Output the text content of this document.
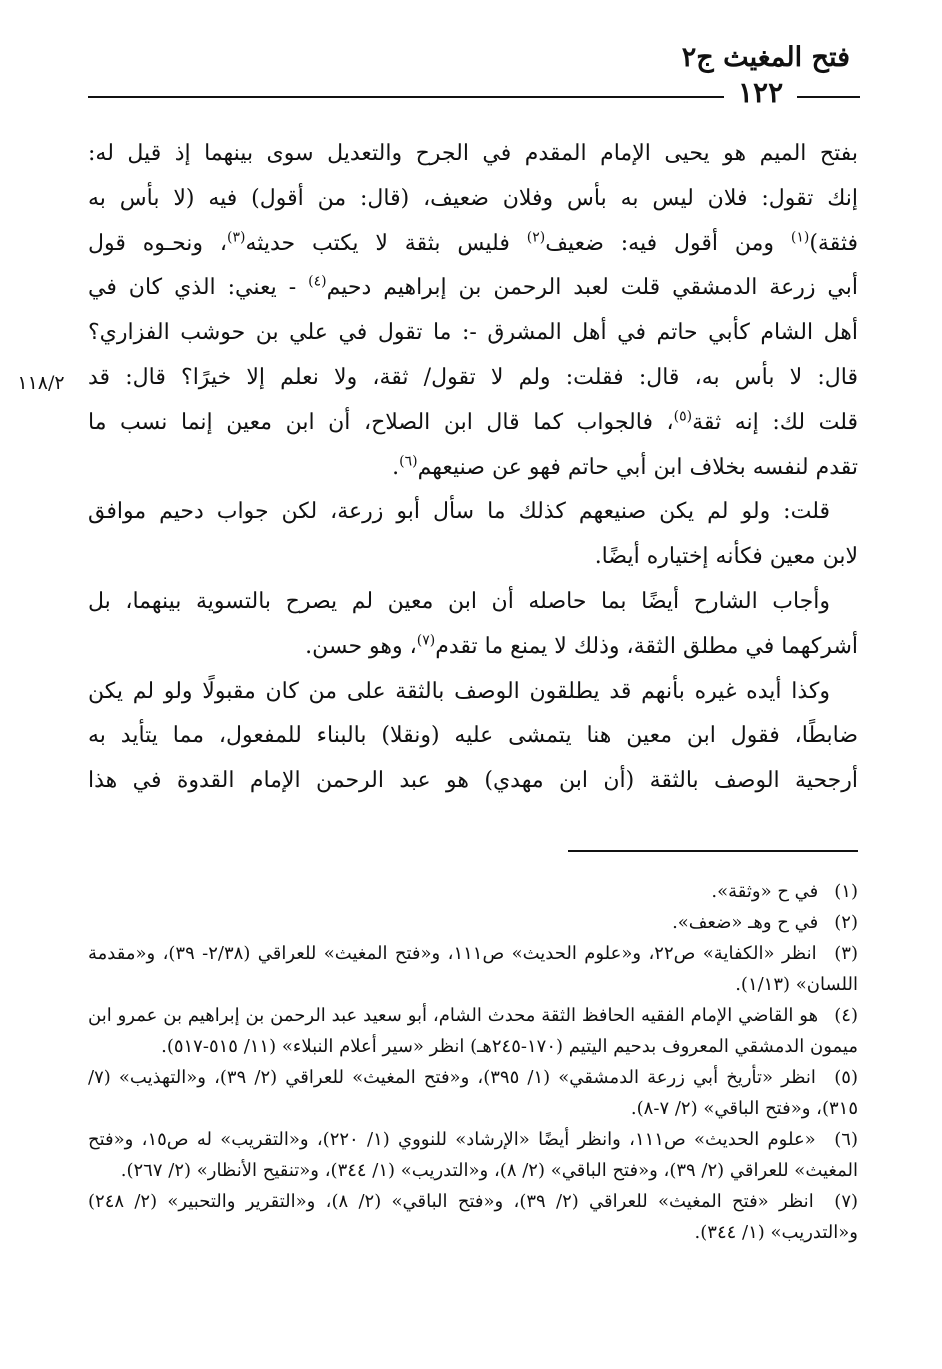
فتح المغيث ج٢
١٢٢
١١٨/٢
بفتح الميم هو يحيى الإمام المقدم في الجرح والتعديل سوى بينهما إذ قيل له:
إنك تقول: فلان ليس به بأس وفلان ضعيف، (قال: من أقول) فيه (لا بأس به
فثقة)$^{(١)}$ ومن أقول فيه: ضعيف$^{(٢)}$ فليس بثقة لا يكتب حديثه$^{(٣)}$، ونحـوه قول
أبي زرعة الدمشقي قلت لعبد الرحمن بن إبراهيم دحيم$^{(٤)}$ - يعني: الذي كان في
أهل الشام كأبي حاتم في أهل المشرق -: ما تقول في علي بن حوشب الفزاري؟
قال: لا بأس به، قال: فقلت: ولم لا تقول/ ثقة، ولا نعلم إلا خيرًا؟ قال: قد
قلت لك: إنه ثقة$^{(٥)}$، فالجواب كما قال ابن الصلاح، أن ابن معين إنما نسب ما
تقدم لنفسه بخلاف ابن أبي حاتم فهو عن صنيعهم$^{(٦)}$.
قلت: ولو لم يكن صنيعهم كذلك ما سأل أبو زرعة، لكن جواب دحيم موافق
لابن معين فكأنه إختياره أيضًا.
وأجاب الشارح أيضًا بما حاصله أن ابن معين لم يصرح بالتسوية بينهما، بل
أشركهما في مطلق الثقة، وذلك لا يمنع ما تقدم$^{(٧)}$، وهو حسن.
وكذا أيده غيره بأنهم قد يطلقون الوصف بالثقة على من كان مقبولًا ولو لم يكن
ضابطًا، فقول ابن معين هنا يتمشى عليه (ونقلا) بالبناء للمفعول، مما يتأيد به
أرجحية الوصف بالثقة (أن ابن مهدي) هو عبد الرحمن الإمام القدوة في هذا
(١) في ح «وثقة».
(٢) في ح وهـ «ضعف».
(٣) انظر «الكفاية» ص٢٢، و«علوم الحديث» ص١١١، و«فتح المغيث» للعراقي (٢/٣٨- ٣٩)، و«مقدمة اللسان» (١/١٣).
(٤) هو القاضي الإمام الفقيه الحافظ الثقة محدث الشام، أبو سعيد عبد الرحمن بن إبراهيم بن عمرو ابن ميمون الدمشقي المعروف بدحيم اليتيم (١٧٠-٢٤٥هـ) انظر «سير أعلام النبلاء» (١١/ ٥١٥-٥١٧).
(٥) انظر «تأريخ أبي زرعة الدمشقي» (١/ ٣٩٥)، و«فتح المغيث» للعراقي (٢/ ٣٩)، و«التهذيب» (٧/ ٣١٥)، و«فتح الباقي» (٢/ ٧-٨).
(٦) «علوم الحديث» ص١١١، وانظر أيضًا «الإرشاد» للنووي (١/ ٢٢٠)، و«التقريب» له ص١٥، و«فتح المغيث» للعراقي (٢/ ٣٩)، و«فتح الباقي» (٢/ ٨)، و«التدريب» (١/ ٣٤٤)، و«تنقيح الأنظار» (٢/ ٢٦٧).
(٧) انظر «فتح المغيث» للعراقي (٢/ ٣٩)، و«فتح الباقي» (٢/ ٨)، و«التقرير والتحبير» (٢/ ٢٤٨) و«التدريب» (١/ ٣٤٤).
